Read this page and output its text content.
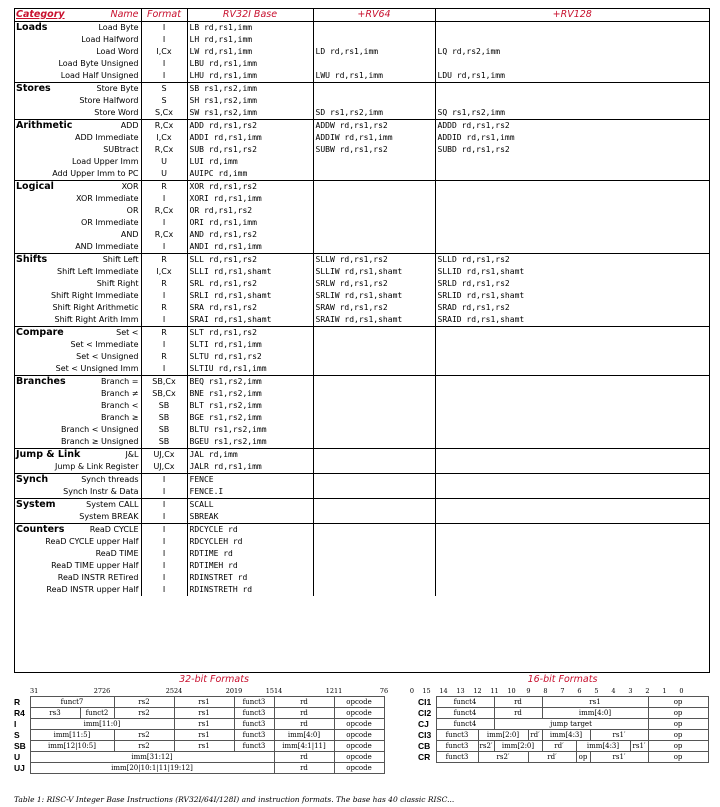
Category Name	Format	RV32I Base	+RV64	+RV128

Loads Load Byte	I	LB rd,rs1,imm		
Load Halfword	I	LH rd,rs1,imm		
Load Word	I,Cx	LW rd,rs1,imm	LD rd,rs1,imm	LQ rd,rs2,imm
Load Byte Unsigned	I	LBU rd,rs1,imm		
Load Half Unsigned	I	LHU rd,rs1,imm	LWU rd,rs1,imm	LDU rd,rs1,imm

Stores Store Byte	S	SB rs1,rs2,imm		
Store Halfword	S	SH rs1,rs2,imm		
Store Word	S,Cx	SW rs1,rs2,imm	SD rs1,rs2,imm	SQ rs1,rs2,imm

Arithmetic ADD	R,Cx	ADD rd,rs1,rs2	ADDW rd,rs1,rs2	ADDD rd,rs1,rs2
ADD Immediate	I,Cx	ADDI rd,rs1,imm	ADDIW rd,rs1,imm	ADDID rd,rs1,imm
SUBtract	R,Cx	SUB rd,rs1,rs2	SUBW rd,rs1,rs2	SUBD rd,rs1,rs2
Load Upper Imm	U	LUI rd,imm		
Add Upper Imm to PC	U	AUIPC rd,imm		

Logical XOR	R	XOR rd,rs1,rs2		
XOR Immediate	I	XORI rd,rs1,imm		
OR	R,Cx	OR rd,rs1,rs2		
OR Immediate	I	ORI rd,rs1,imm		
AND	R,Cx	AND rd,rs1,rs2		
AND Immediate	I	ANDI rd,rs1,imm		

Shifts Shift Left	R	SLL rd,rs1,rs2	SLLW rd,rs1,rs2	SLLD rd,rs1,rs2
Shift Left Immediate	I,Cx	SLLI rd,rs1,shamt	SLLIW rd,rs1,shamt	SLLID rd,rs1,shamt
Shift Right	R	SRL rd,rs1,rs2	SRLW rd,rs1,rs2	SRLD rd,rs1,rs2
Shift Right Immediate	I	SRLI rd,rs1,shamt	SRLIW rd,rs1,shamt	SRLID rd,rs1,shamt
Shift Right Arithmetic	R	SRA rd,rs1,rs2	SRAW rd,rs1,rs2	SRAD rd,rs1,rs2
Shift Right Arith Imm	I	SRAI rd,rs1,shamt	SRAIW rd,rs1,shamt	SRAID rd,rs1,shamt

Compare Set <	R	SLT rd,rs1,rs2		
Set < Immediate	I	SLTI rd,rs1,imm		
Set < Unsigned	R	SLTU rd,rs1,rs2		
Set < Unsigned Imm	I	SLTIU rd,rs1,imm		

Branches Branch =	SB,Cx	BEQ rs1,rs2,imm		
Branch ≠	SB,Cx	BNE rs1,rs2,imm		
Branch <	SB	BLT rs1,rs2,imm		
Branch ≥	SB	BGE rs1,rs2,imm		
Branch < Unsigned	SB	BLTU rs1,rs2,imm		
Branch ≥ Unsigned	SB	BGEU rs1,rs2,imm		

Jump & Link J&L	UJ,Cx	JAL rd,imm		
Jump & Link Register	UJ,Cx	JALR rd,rs1,imm		

Synch Synch threads	I	FENCE		
Synch Instr & Data	I	FENCE.I		

System System CALL	I	SCALL		
System BREAK	I	SBREAK		

Counters ReaD CYCLE	I	RDCYCLE rd		
ReaD CYCLE upper Half	I	RDCYCLEH rd		
ReaD TIME	I	RDTIME rd		
ReaD TIME upper Half	I	RDTIMEH rd		
ReaD INSTR RETired	I	RDINSTRET rd		
ReaD INSTR upper Half	I	RDINSTRETH rd		
32-bit Formats	16-bit Formats
	31 27		26 25		24 20	19 15	14 12	11 7	6 0

R	funct7			rs2	rs1	funct3	rd	opcode	
R4	rs3	funct2		rs2	rs1	funct3	rd	opcode	
I	imm[11:0]				rs1	funct3	rd	opcode	
S	imm[11:5]			rs2	rs1	funct3	imm[4:0]	opcode	
SB	imm[12|10:5]			rs2	rs1	funct3	imm[4:1|11]	opcode	
U	imm[31:12]						rd	opcode	
UJ	imm[20|10:1|11|19:12]						rd	opcode	
15 14 13 12 11 10 9 8 7 6 5 4 3 2 1 0									
CI1	funct4		rd		rs1				op
CI2	funct4		rd		imm[4:0]				op
CJ	funct4		jump target						op
CI3	funct3	imm[2:0]		rd′	imm[4:3]		rs1′		op
CB	funct3	rs2′	imm[2:0]		rd′	imm[4:3]		rs1′	op
CR	funct3	rs2′		rd′		op	rs1′		op
Table 1: RISC-V Integer Base Instructions (RV32I/64I/128I) and instruction formats. The base has 40 classic RISC...
